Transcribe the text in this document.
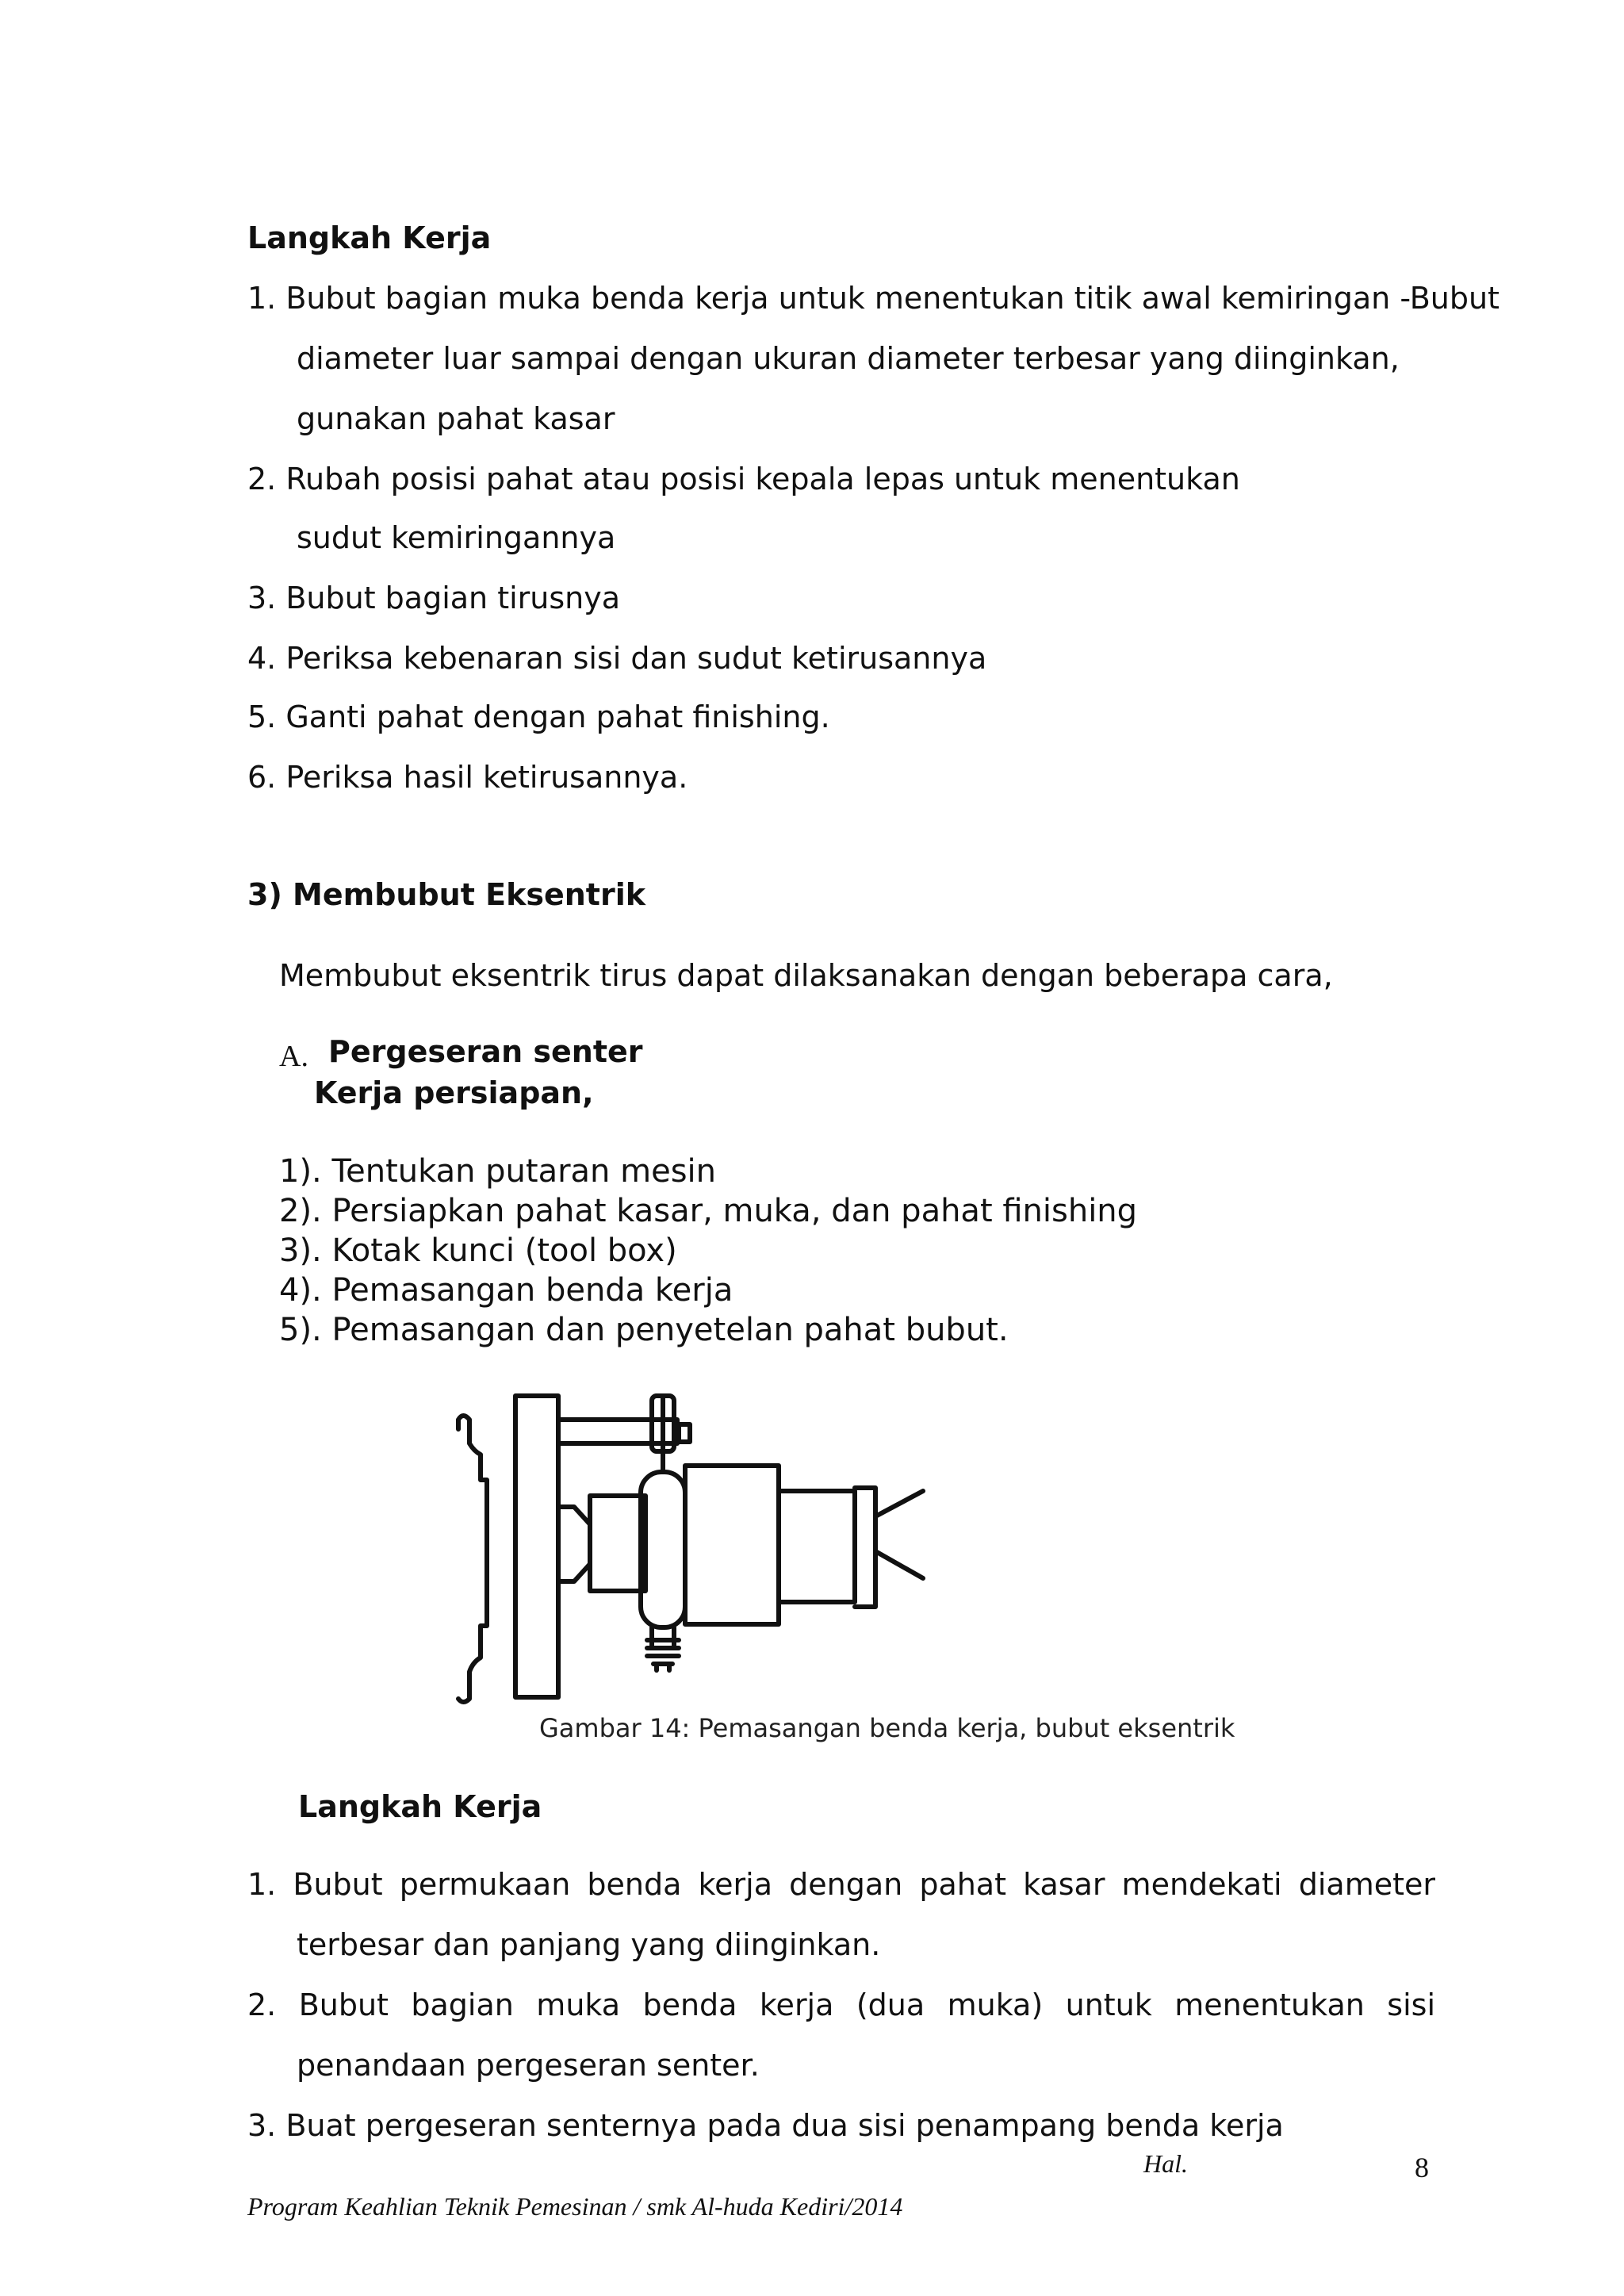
Langkah Kerja
1. Bubut bagian muka benda kerja untuk menentukan titik awal kemiringan -Bubut
diameter luar sampai dengan ukuran diameter terbesar yang diinginkan,
gunakan pahat kasar
2. Rubah posisi pahat atau posisi kepala lepas untuk menentukan
sudut kemiringannya
3. Bubut bagian tirusnya
4. Periksa kebenaran sisi dan sudut ketirusannya
5. Ganti pahat dengan pahat finishing.
6. Periksa hasil ketirusannya.
3) Membubut Eksentrik
Membubut eksentrik tirus dapat dilaksanakan dengan beberapa cara,
A. Pergeseran senter
Kerja persiapan,
1). Tentukan putaran mesin
2). Persiapkan pahat kasar, muka, dan pahat finishing
3). Kotak kunci (tool box)
4). Pemasangan benda kerja
5). Pemasangan dan penyetelan pahat bubut.
Gambar 14: Pemasangan benda kerja, bubut eksentrik
Langkah Kerja
1. Bubut permukaan benda kerja dengan pahat kasar mendekati diameter
terbesar dan panjang yang diinginkan.
2. Bubut bagian muka benda kerja (dua muka) untuk menentukan sisi
penandaan pergeseran senter.
3. Buat pergeseran senternya pada dua sisi penampang benda kerja
Hal.	8
Program Keahlian Teknik Pemesinan / smk Al-huda Kediri/2014
